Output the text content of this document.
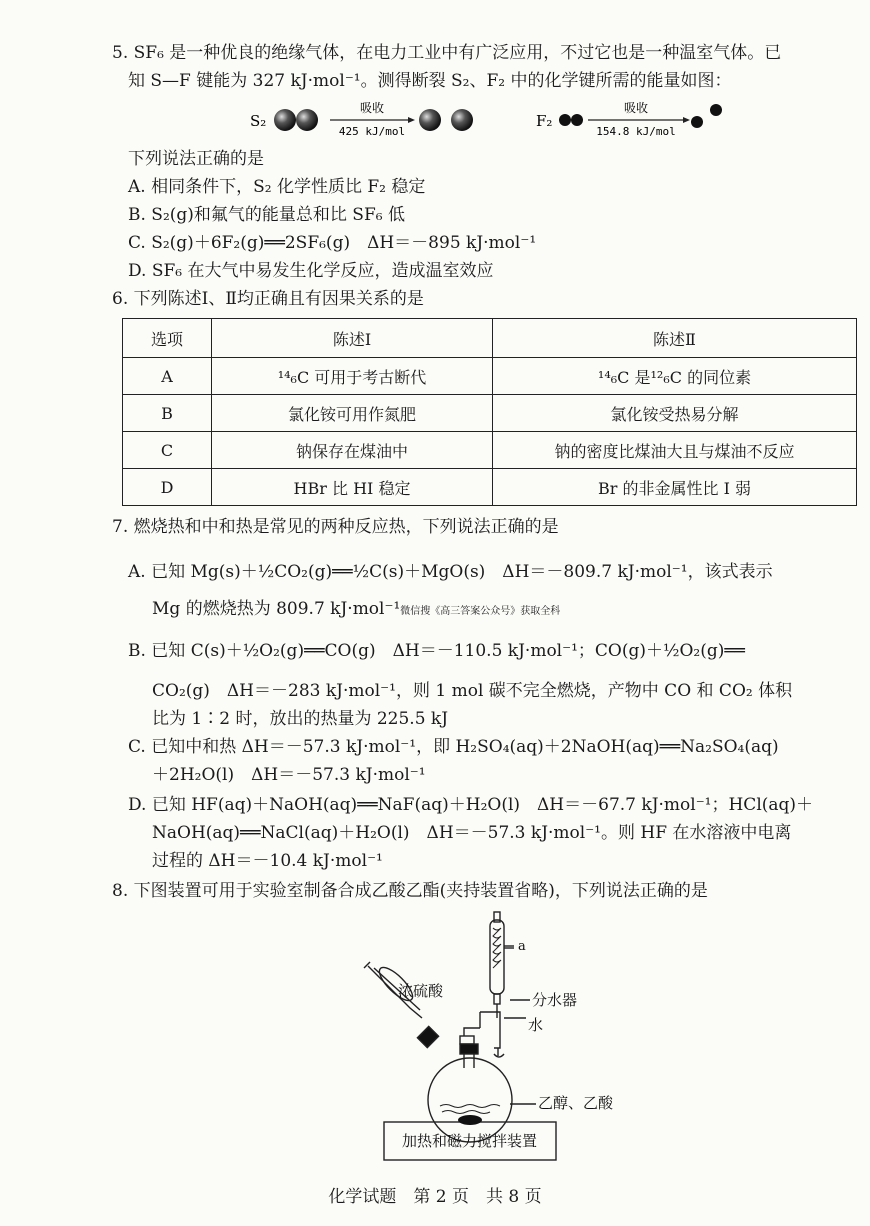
5. SF₆ 是一种优良的绝缘气体，在电力工业中有广泛应用，不过它也是一种温室气体。已
知 S—F 键能为 327 kJ·mol⁻¹。测得断裂 S₂、F₂ 中的化学键所需的能量如图：
S₂
吸收
425 kJ/mol
F₂
吸收
154.8 kJ/mol
下列说法正确的是
A. 相同条件下，S₂ 化学性质比 F₂ 稳定
B. S₂(g)和氟气的能量总和比 SF₆ 低
C. S₂(g)＋6F₂(g)══2SF₆(g)　ΔH＝－895 kJ·mol⁻¹
D. SF₆ 在大气中易发生化学反应，造成温室效应
6. 下列陈述Ⅰ、Ⅱ均正确且有因果关系的是
选项	陈述Ⅰ	陈述Ⅱ
A	¹⁴₆C 可用于考古断代	¹⁴₆C 是¹²₆C 的同位素
B	氯化铵可用作氮肥	氯化铵受热易分解
C	钠保存在煤油中	钠的密度比煤油大且与煤油不反应
D	HBr 比 HI 稳定	Br 的非金属性比 I 弱
7. 燃烧热和中和热是常见的两种反应热，下列说法正确的是
A. 已知 Mg(s)＋½CO₂(g)══½C(s)＋MgO(s)　ΔH＝－809.7 kJ·mol⁻¹，该式表示
Mg 的燃烧热为 809.7 kJ·mol⁻¹微信搜《高三答案公众号》获取全科
B. 已知 C(s)＋½O₂(g)══CO(g)　ΔH＝－110.5 kJ·mol⁻¹；CO(g)＋½O₂(g)══
CO₂(g)　ΔH＝－283 kJ·mol⁻¹，则 1 mol 碳不完全燃烧，产物中 CO 和 CO₂ 体积
比为 1∶2 时，放出的热量为 225.5 kJ
C. 已知中和热 ΔH＝－57.3 kJ·mol⁻¹，即 H₂SO₄(aq)＋2NaOH(aq)══Na₂SO₄(aq)
＋2H₂O(l)　ΔH＝－57.3 kJ·mol⁻¹
D. 已知 HF(aq)＋NaOH(aq)══NaF(aq)＋H₂O(l)　ΔH＝－67.7 kJ·mol⁻¹；HCl(aq)＋
NaOH(aq)══NaCl(aq)＋H₂O(l)　ΔH＝－57.3 kJ·mol⁻¹。则 HF 在水溶液中电离
过程的 ΔH＝－10.4 kJ·mol⁻¹
8. 下图装置可用于实验室制备合成乙酸乙酯(夹持装置省略)，下列说法正确的是
a
浓硫酸	分水器
水
乙醇、乙酸
加热和磁力搅拌装置
化学试题　第 2 页　共 8 页
